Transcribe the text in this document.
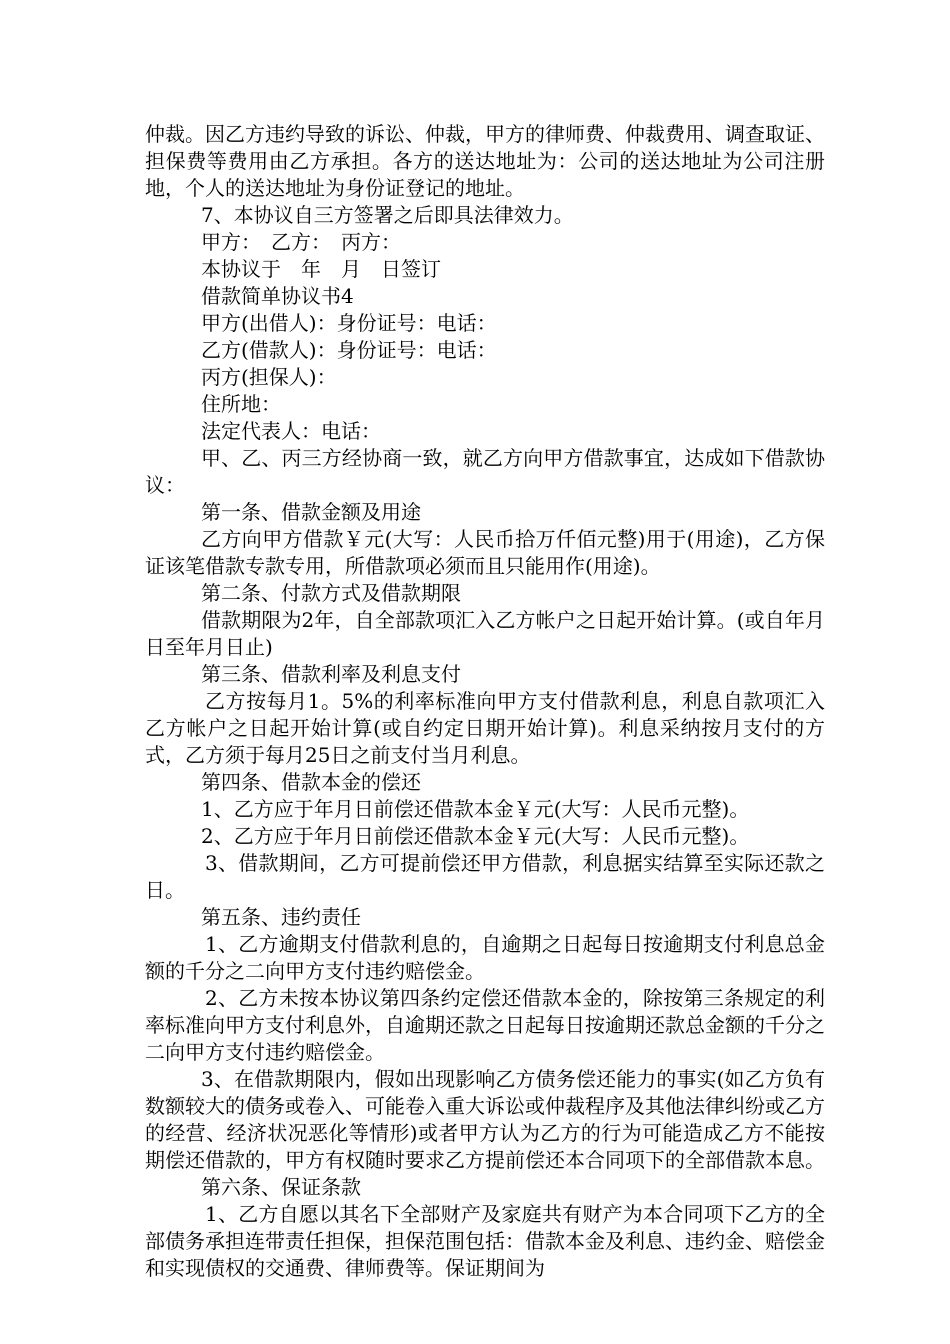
仲裁。因乙方违约导致的诉讼、仲裁，甲方的律师费、仲裁费用、调查取证、担保费等费用由乙方承担。各方的送达地址为：公司的送达地址为公司注册地，个人的送达地址为身份证登记的地址。

7、本协议自三方签署之后即具法律效力。

甲方：　乙方：　丙方：

本协议于　年　月　日签订

借款简单协议书4

甲方(出借人)：身份证号：电话：

乙方(借款人)：身份证号：电话：

丙方(担保人)：

住所地：

法定代表人：电话：

甲、乙、丙三方经协商一致，就乙方向甲方借款事宜，达成如下借款协议：

第一条、借款金额及用途

乙方向甲方借款￥元(大写：人民币拾万仟佰元整)用于(用途)，乙方保证该笔借款专款专用，所借款项必须而且只能用作(用途)。

第二条、付款方式及借款期限

借款期限为2年，自全部款项汇入乙方帐户之日起开始计算。(或自年月日至年月日止)

第三条、借款利率及利息支付

乙方按每月1。5%的利率标准向甲方支付借款利息，利息自款项汇入乙方帐户之日起开始计算(或自约定日期开始计算)。利息采纳按月支付的方式，乙方须于每月25日之前支付当月利息。

第四条、借款本金的偿还

1、乙方应于年月日前偿还借款本金￥元(大写：人民币元整)。

2、乙方应于年月日前偿还借款本金￥元(大写：人民币元整)。

3、借款期间，乙方可提前偿还甲方借款，利息据实结算至实际还款之日。

第五条、违约责任

1、乙方逾期支付借款利息的，自逾期之日起每日按逾期支付利息总金额的千分之二向甲方支付违约赔偿金。

2、乙方未按本协议第四条约定偿还借款本金的，除按第三条规定的利率标准向甲方支付利息外，自逾期还款之日起每日按逾期还款总金额的千分之二向甲方支付违约赔偿金。

3、在借款期限内，假如出现影响乙方债务偿还能力的事实(如乙方负有数额较大的债务或卷入、可能卷入重大诉讼或仲裁程序及其他法律纠纷或乙方的经营、经济状况恶化等情形)或者甲方认为乙方的行为可能造成乙方不能按期偿还借款的，甲方有权随时要求乙方提前偿还本合同项下的全部借款本息。

第六条、保证条款

1、乙方自愿以其名下全部财产及家庭共有财产为本合同项下乙方的全部债务承担连带责任担保，担保范围包括：借款本金及利息、违约金、赔偿金和实现债权的交通费、律师费等。保证期间为
